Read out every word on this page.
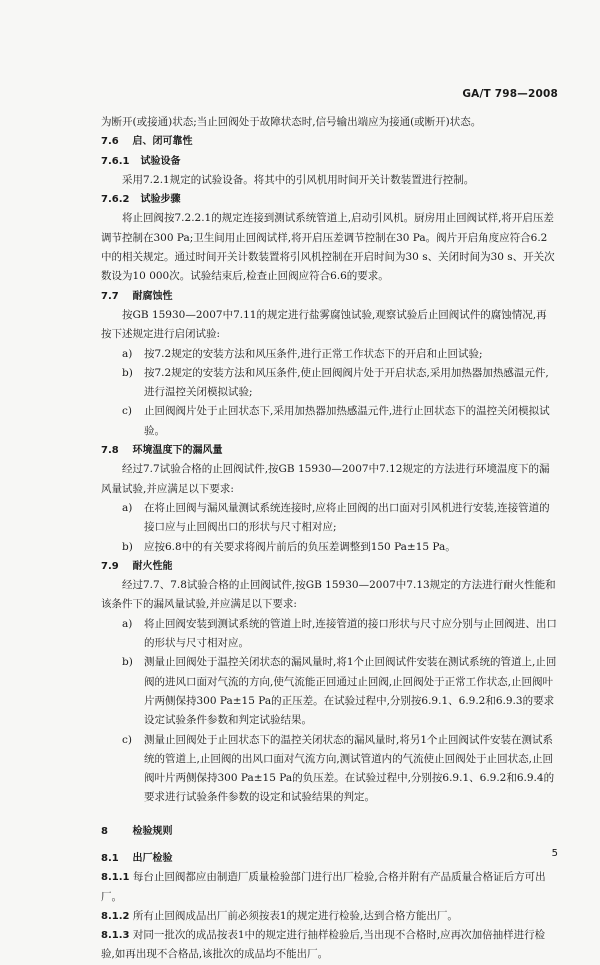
GA/T 798—2008

为断开(或接通)状态;当止回阀处于故障状态时,信号输出端应为接通(或断开)状态。

7.6 启、闭可靠性

7.6.1 试验设备

采用7.2.1规定的试验设备。将其中的引风机用时间开关计数装置进行控制。

7.6.2 试验步骤

将止回阀按7.2.2.1的规定连接到测试系统管道上,启动引风机。厨房用止回阀试样,将开启压差调节控制在300 Pa;卫生间用止回阀试样,将开启压差调节控制在30 Pa。阀片开启角度应符合6.2中的相关规定。通过时间开关计数装置将引风机控制在开启时间为30 s、关闭时间为30 s、开关次数设为10 000次。试验结束后,检查止回阀应符合6.6的要求。

7.7 耐腐蚀性

按GB 15930—2007中7.11的规定进行盐雾腐蚀试验,观察试验后止回阀试件的腐蚀情况,再按下述规定进行启闭试验:

a)	按7.2规定的安装方法和风压条件,进行正常工作状态下的开启和止回试验;
b)	按7.2规定的安装方法和风压条件,使止回阀阀片处于开启状态,采用加热器加热感温元件,进行温控关闭模拟试验;
c)	止回阀阀片处于止回状态下,采用加热器加热感温元件,进行止回状态下的温控关闭模拟试验。

7.8 环境温度下的漏风量

经过7.7试验合格的止回阀试件,按GB 15930—2007中7.12规定的方法进行环境温度下的漏风量试验,并应满足以下要求:

a)	在将止回阀与漏风量测试系统连接时,应将止回阀的出口面对引风机进行安装,连接管道的接口应与止回阀出口的形状与尺寸相对应;
b)	应按6.8中的有关要求将阀片前后的负压差调整到150 Pa±15 Pa。

7.9 耐火性能

经过7.7、7.8试验合格的止回阀试件,按GB 15930—2007中7.13规定的方法进行耐火性能和该条件下的漏风量试验,并应满足以下要求:

a)	将止回阀安装到测试系统的管道上时,连接管道的接口形状与尺寸应分别与止回阀进、出口的形状与尺寸相对应。
b)	测量止回阀处于温控关闭状态的漏风量时,将1个止回阀试件安装在测试系统的管道上,止回阀的进风口面对气流的方向,使气流能正回通过止回阀,止回阀处于正常工作状态,止回阀叶片两侧保持300 Pa±15 Pa的正压差。在试验过程中,分别按6.9.1、6.9.2和6.9.3的要求设定试验条件参数和判定试验结果。
c)	测量止回阀处于止回状态下的温控关闭状态的漏风量时,将另1个止回阀试件安装在测试系统的管道上,止回阀的出风口面对气流方向,测试管道内的气流使止回阀处于止回状态,止回阀叶片两侧保持300 Pa±15 Pa的负压差。在试验过程中,分别按6.9.1、6.9.2和6.9.4的要求进行试验条件参数的设定和试验结果的判定。

8 检验规则

8.1 出厂检验

8.1.1 每台止回阀都应由制造厂质量检验部门进行出厂检验,合格并附有产品质量合格证后方可出厂。

8.1.2 所有止回阀成品出厂前必须按表1的规定进行检验,达到合格方能出厂。

8.1.3 对同一批次的成品按表1中的规定进行抽样检验后,当出现不合格时,应再次加倍抽样进行检验,如再出现不合格品,该批次的成品均不能出厂。

5
